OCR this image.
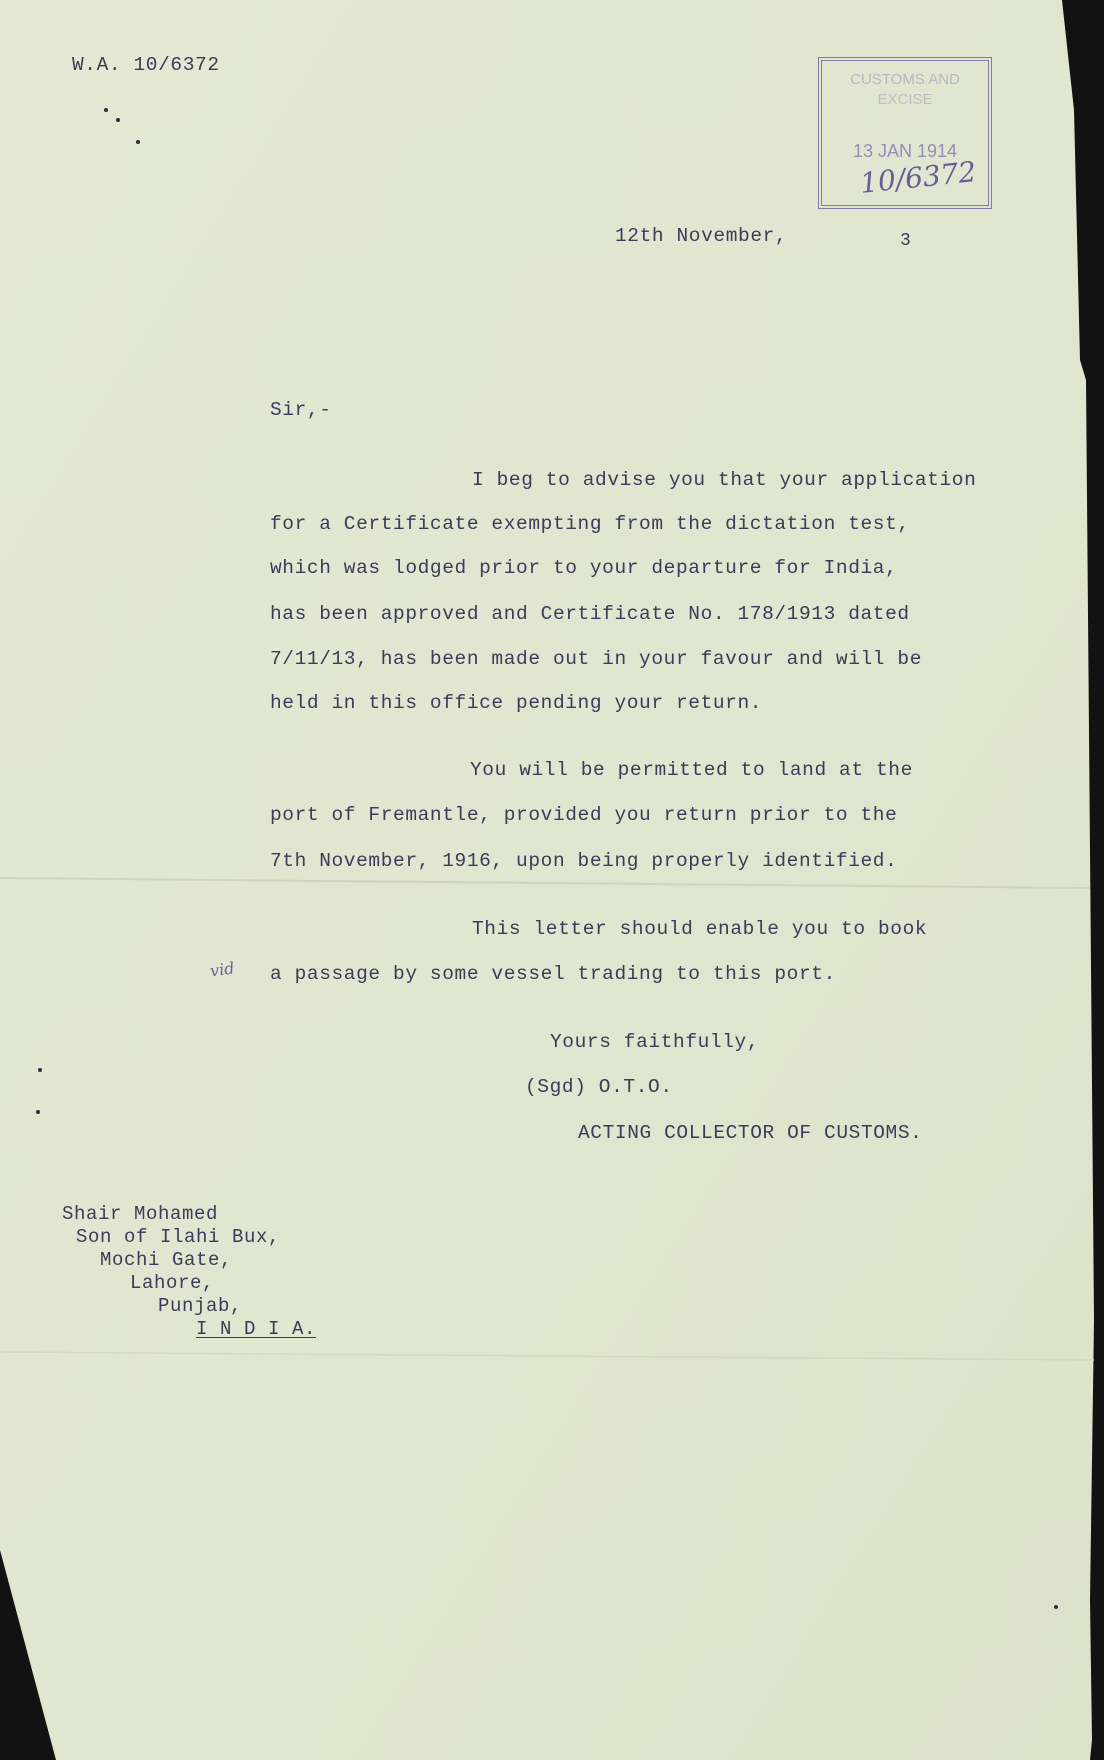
W.A. 10/6372
CUSTOMS AND
EXCISE
13 JAN 1914
10/6372
12th November,	3
Sir,-
I beg to advise you that your application
for a Certificate exempting from the dictation test,
which was lodged prior to your departure for India,
has been approved and Certificate No. 178/1913 dated
7/11/13, has been made out in your favour and will be
held in this office pending your return.
You will be permitted to land at the
port of Fremantle, provided you return prior to the
7th November, 1916, upon being properly identified.
This letter should enable you to book
vid a passage by some vessel trading to this port.
Yours faithfully,
(Sgd) O.T.O.
ACTING COLLECTOR OF CUSTOMS.
Shair Mohamed
Son of Ilahi Bux,
Mochi Gate,
Lahore,
Punjab,
I N D I A.
